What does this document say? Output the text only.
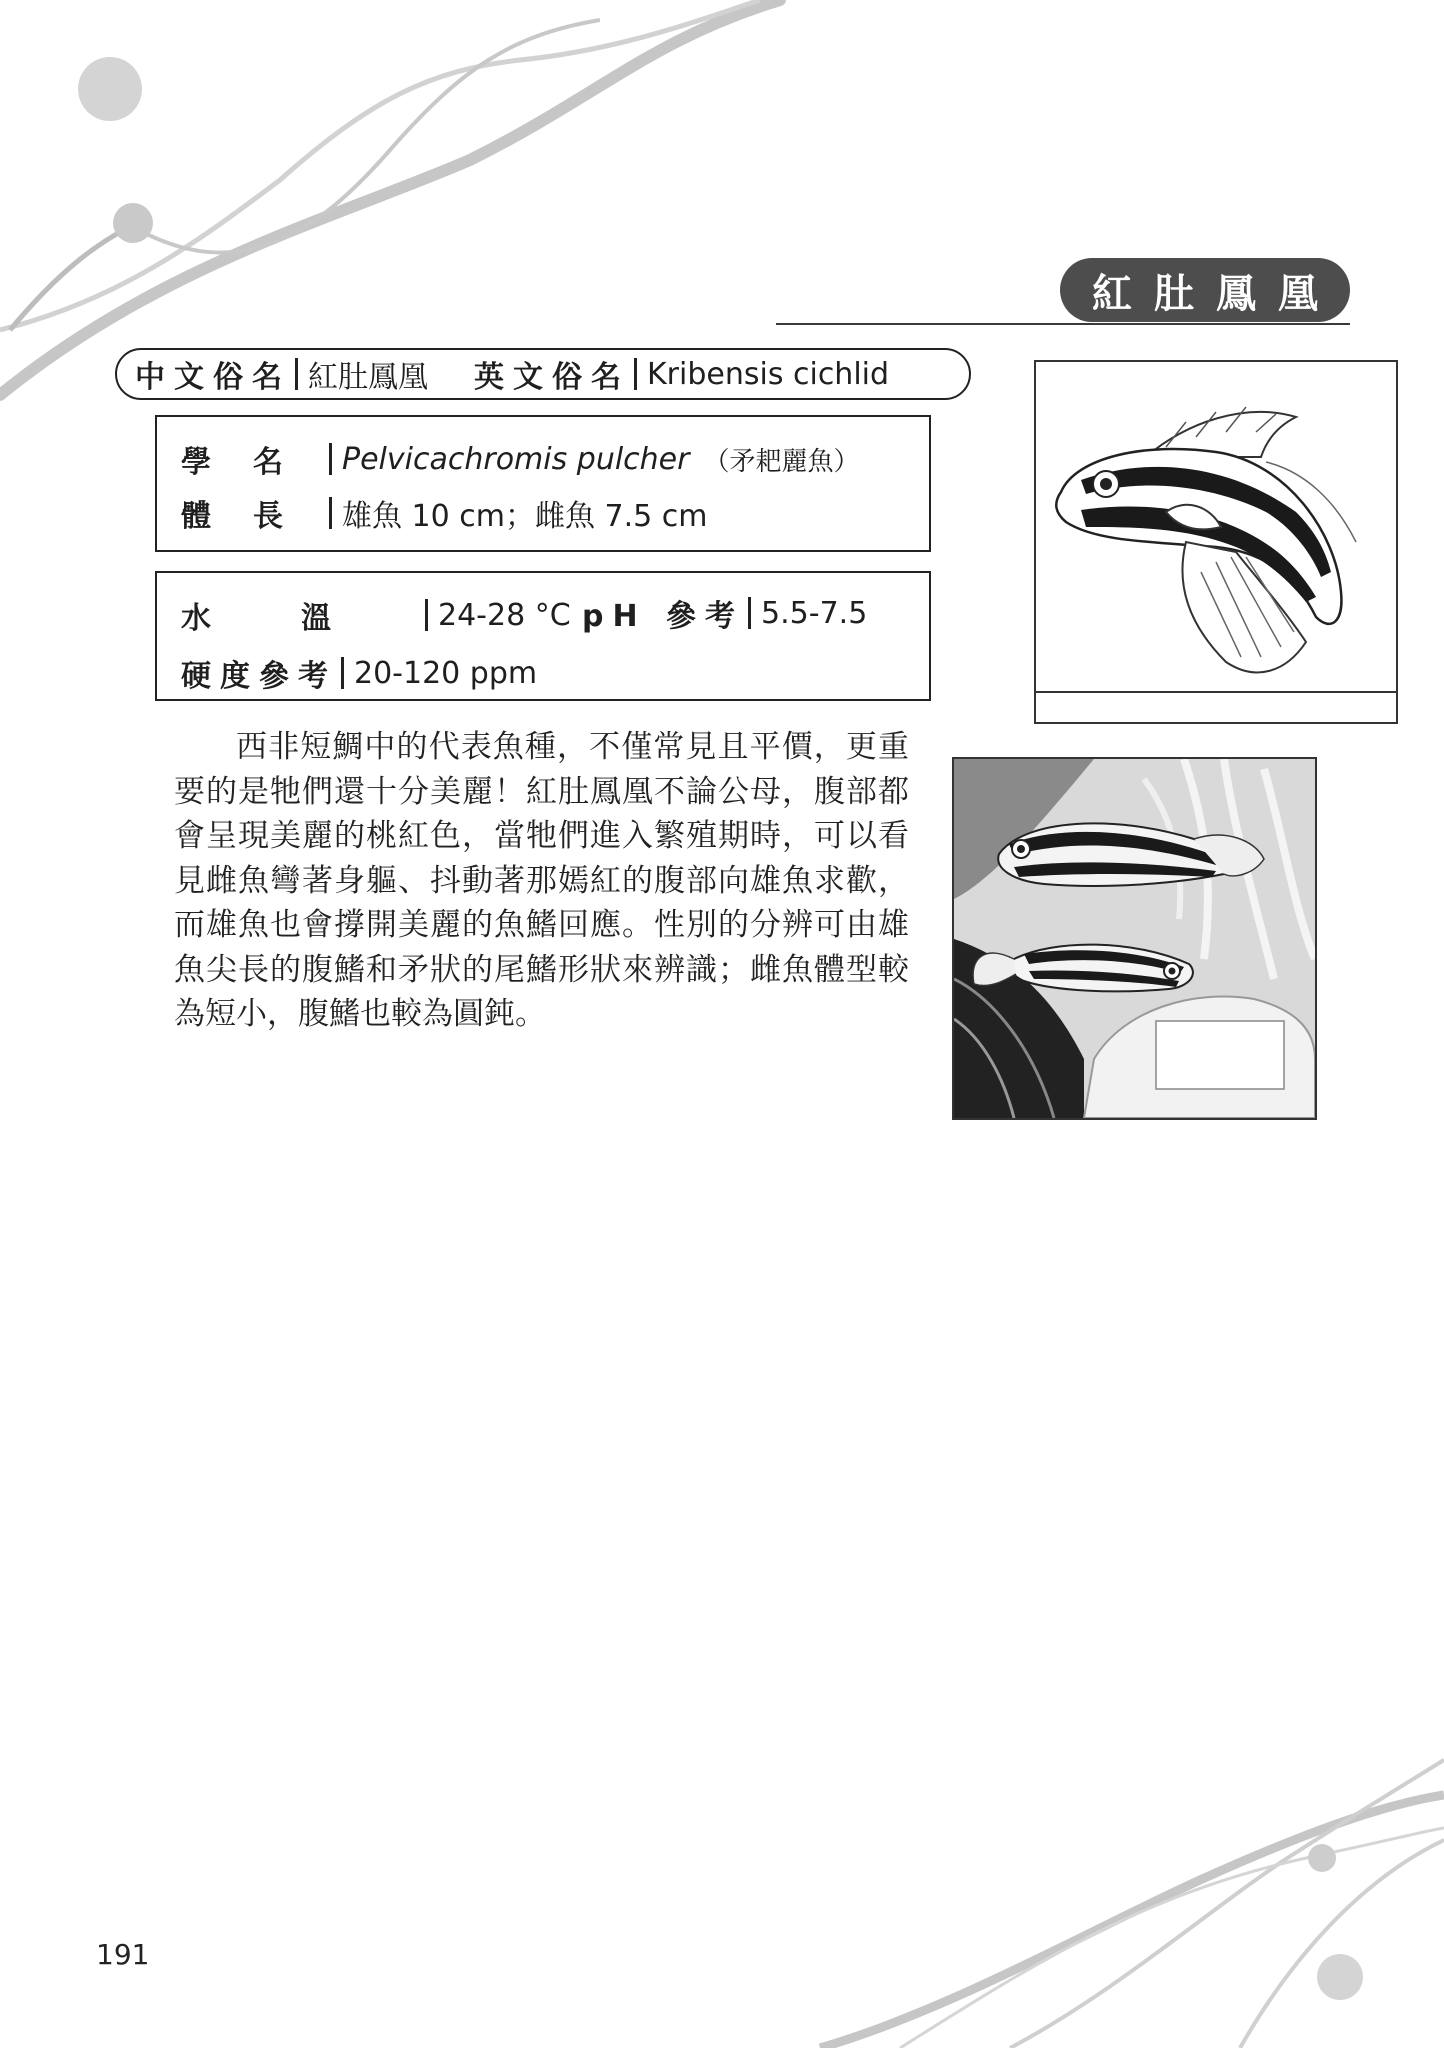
紅肚鳳凰
中文俗名 紅肚鳳凰 英文俗名 Kribensis cichlid
學名 Pelvicachromis pulcher （矛耙麗魚）
體長 雄魚 10 cm；雌魚 7.5 cm
水溫 24-28 °C pH 參考 5.5-7.5
硬度參考 20-120 ppm
西非短鯛中的代表魚種，不僅常見且平價，更重要的是牠們還十分美麗！紅肚鳳凰不論公母，腹部都會呈現美麗的桃紅色，當牠們進入繁殖期時，可以看見雌魚彎著身軀、抖動著那嫣紅的腹部向雄魚求歡，而雄魚也會撐開美麗的魚鰭回應。性別的分辨可由雄魚尖長的腹鰭和矛狀的尾鰭形狀來辨識；雌魚體型較為短小，腹鰭也較為圓鈍。
191
